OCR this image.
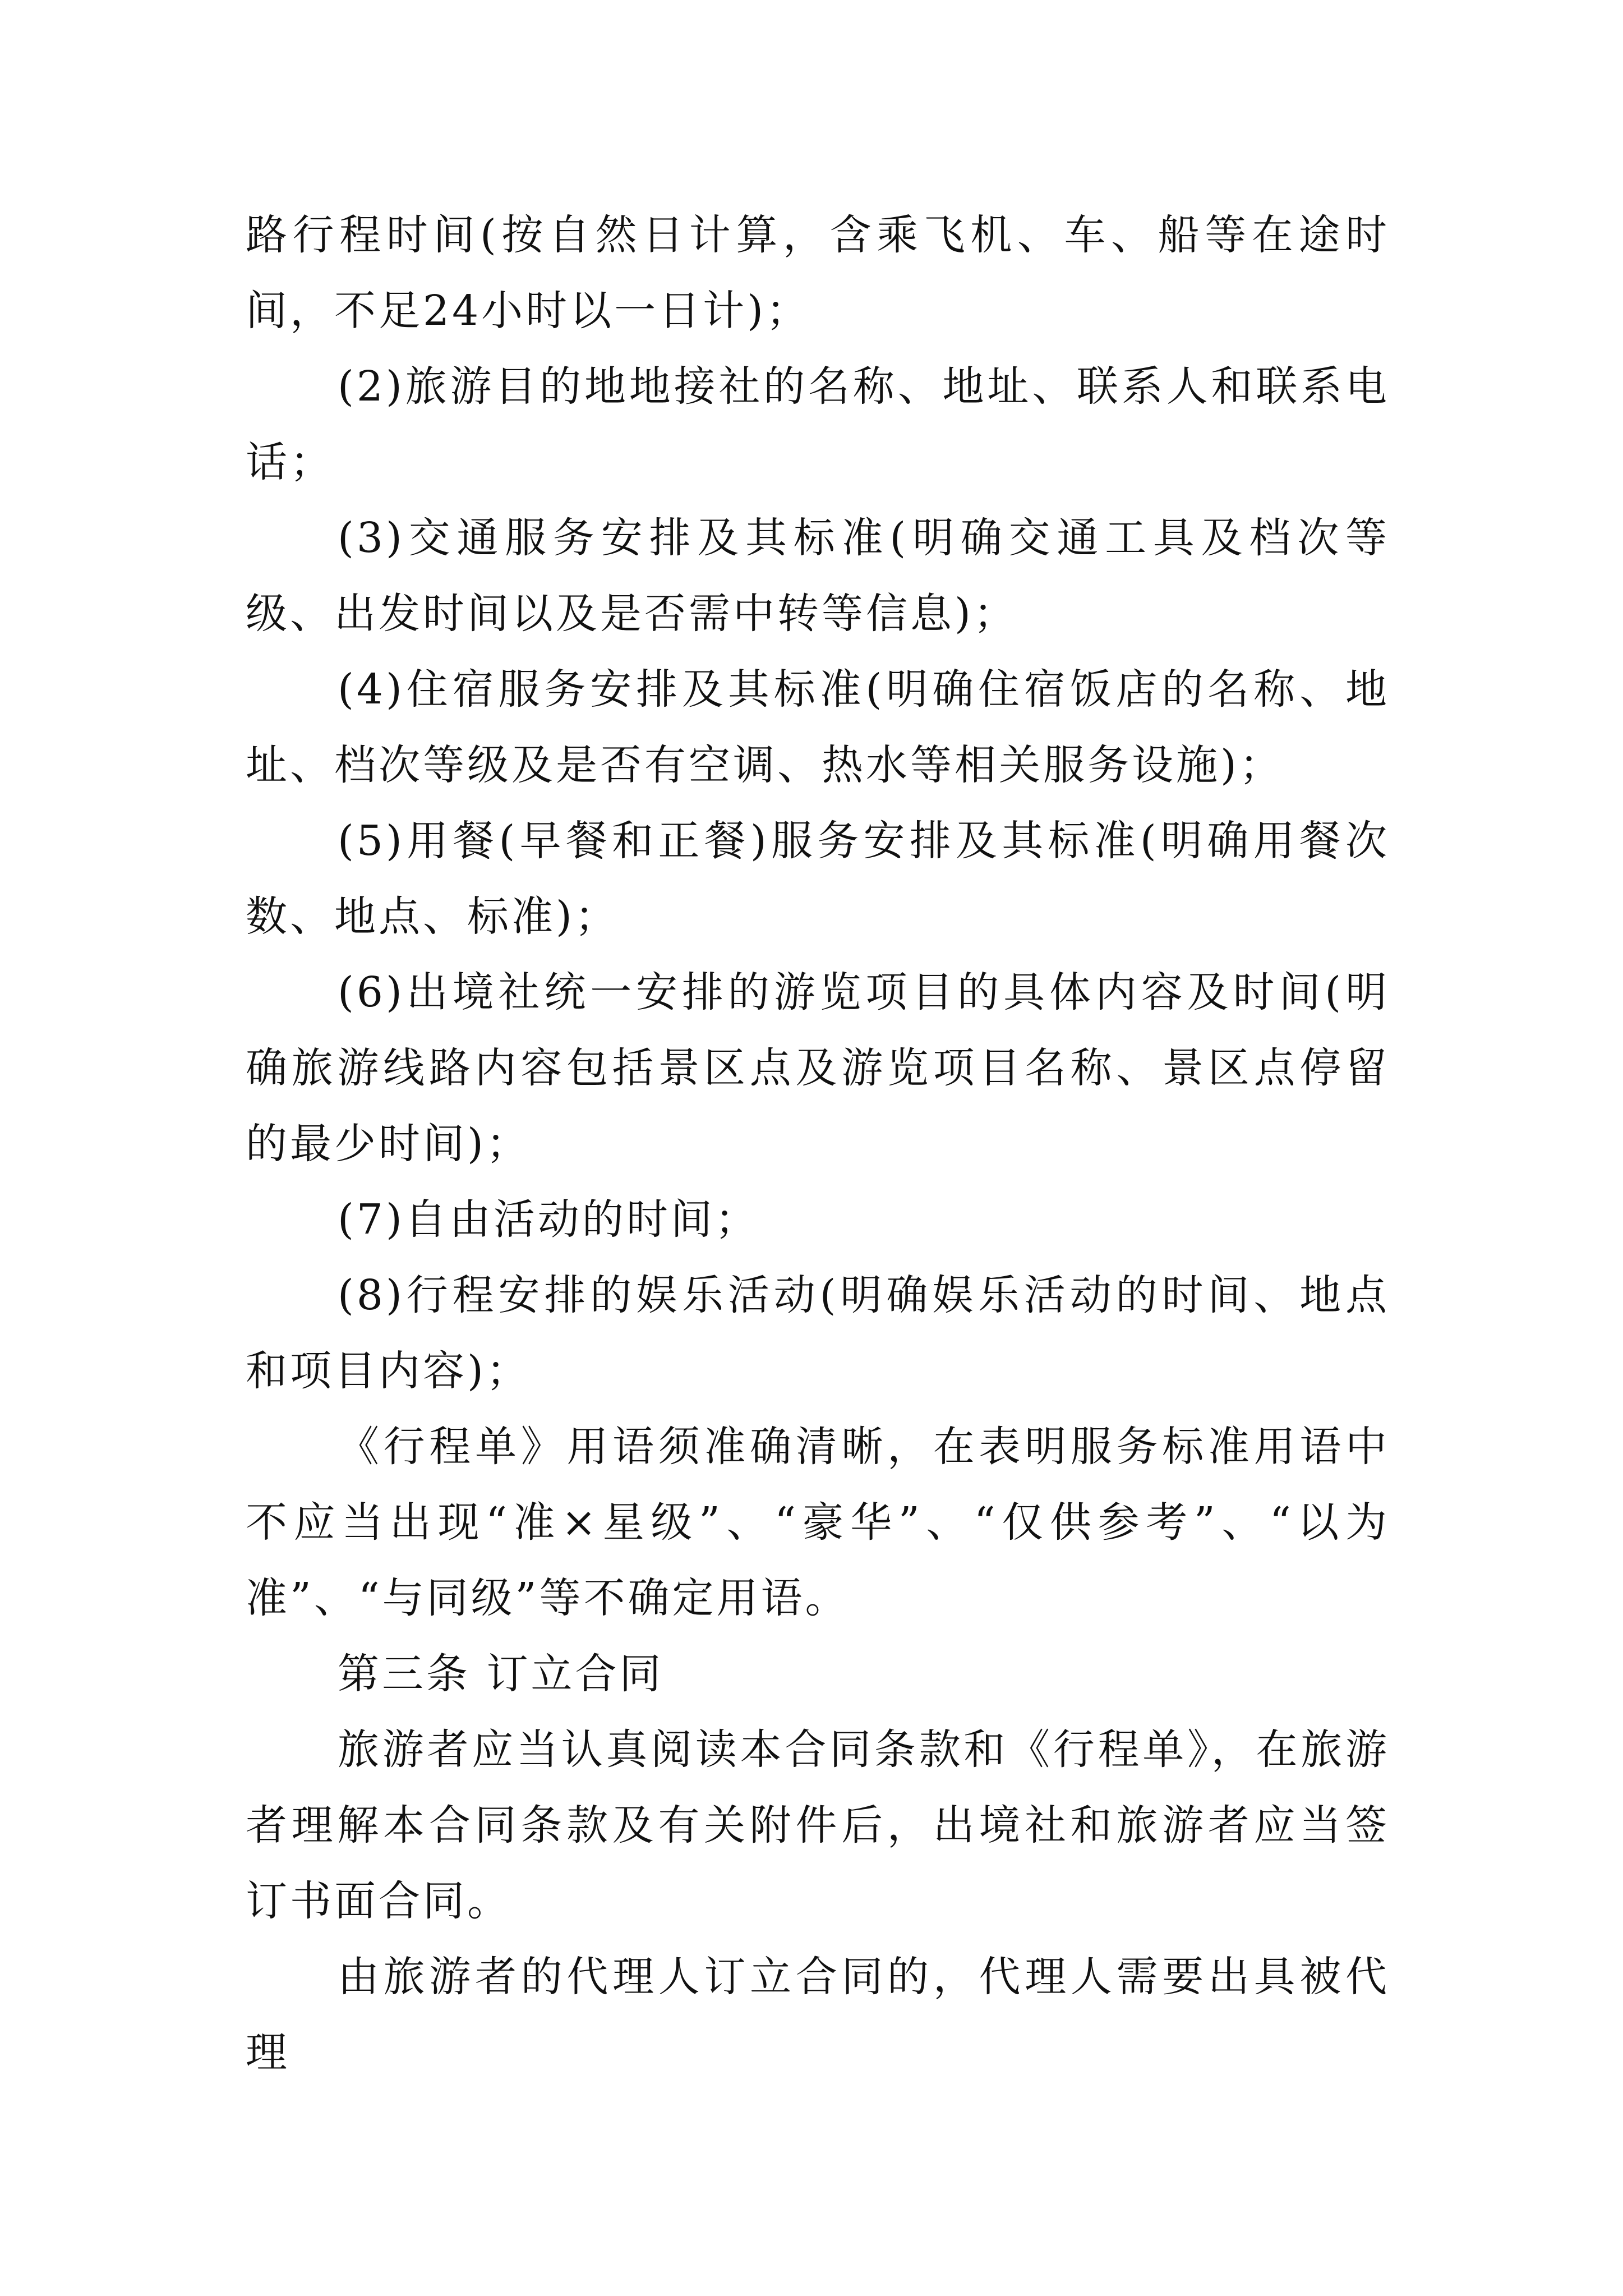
路行程时间(按自然日计算，含乘飞机、车、船等在途时间，不足24小时以一日计)；

(2)旅游目的地地接社的名称、地址、联系人和联系电话；

(3)交通服务安排及其标准(明确交通工具及档次等级、出发时间以及是否需中转等信息)；

(4)住宿服务安排及其标准(明确住宿饭店的名称、地址、档次等级及是否有空调、热水等相关服务设施)；

(5)用餐(早餐和正餐)服务安排及其标准(明确用餐次数、地点、标准)；

(6)出境社统一安排的游览项目的具体内容及时间(明确旅游线路内容包括景区点及游览项目名称、景区点停留的最少时间)；

(7)自由活动的时间；

(8)行程安排的娱乐活动(明确娱乐活动的时间、地点和项目内容)；

《行程单》用语须准确清晰，在表明服务标准用语中不应当出现“准×星级”、“豪华”、“仅供参考”、“以为准”、“与同级”等不确定用语。

第三条 订立合同

旅游者应当认真阅读本合同条款和《行程单》，在旅游者理解本合同条款及有关附件后，出境社和旅游者应当签订书面合同。

由旅游者的代理人订立合同的，代理人需要出具被代理
